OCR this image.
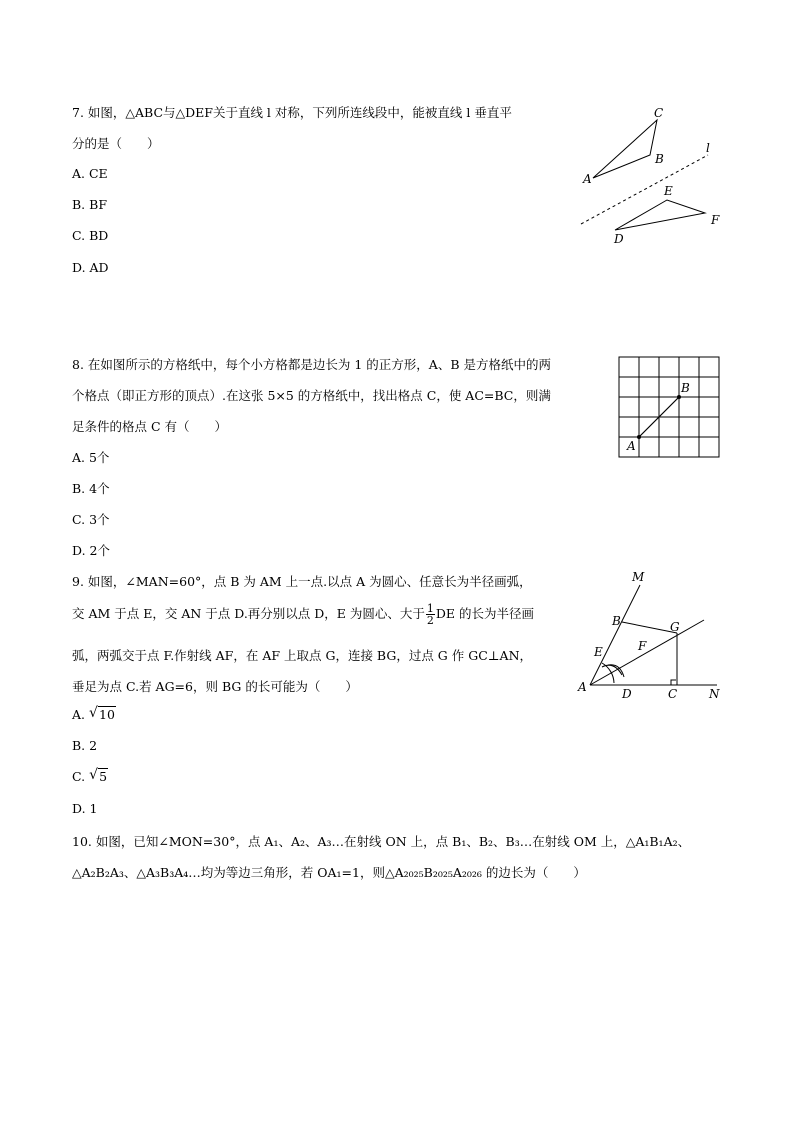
7. 如图，△ABC与△DEF关于直线 l 对称，下列所连线段中，能被直线 l 垂直平
分的是（　　）
A. CE
B. BF
C. BD
D. AD
A
C
B
l
E
F
D
8. 在如图所示的方格纸中，每个小方格都是边长为 1 的正方形，A、B 是方格纸中的两
个格点（即正方形的顶点）.在这张 5×5 的方格纸中，找出格点 C，使 AC=BC，则满
足条件的格点 C 有（　　）
A. 5个
B. 4个
C. 3个
D. 2个
A
B
9. 如图，∠MAN=60°，点 B 为 AM 上一点.以点 A 为圆心、任意长为半径画弧，
交 AM 于点 E，交 AN 于点 D.再分别以点 D，E 为圆心、大于 $\frac{1}{2}$ DE 的长为半径画
弧，两弧交于点 F.作射线 AF，在 AF 上取点 G，连接 BG，过点 G 作 GC⊥AN，
垂足为点 C.若 AG=6，则 BG 的长可能为（　　）
A. √ 10
B. 2
C. √ 5
D. 1
M
B	G
F
E
A	D	C	N
10. 如图，已知∠MON=30°，点 A₁、A₂、A₃…在射线 ON 上，点 B₁、B₂、B₃…在射线 OM 上，△A₁B₁A₂、
△A₂B₂A₃、△A₃B₃A₄…均为等边三角形，若 OA₁=1，则△A₂₀₂₅B₂₀₂₅A₂₀₂₆ 的边长为（　　）
